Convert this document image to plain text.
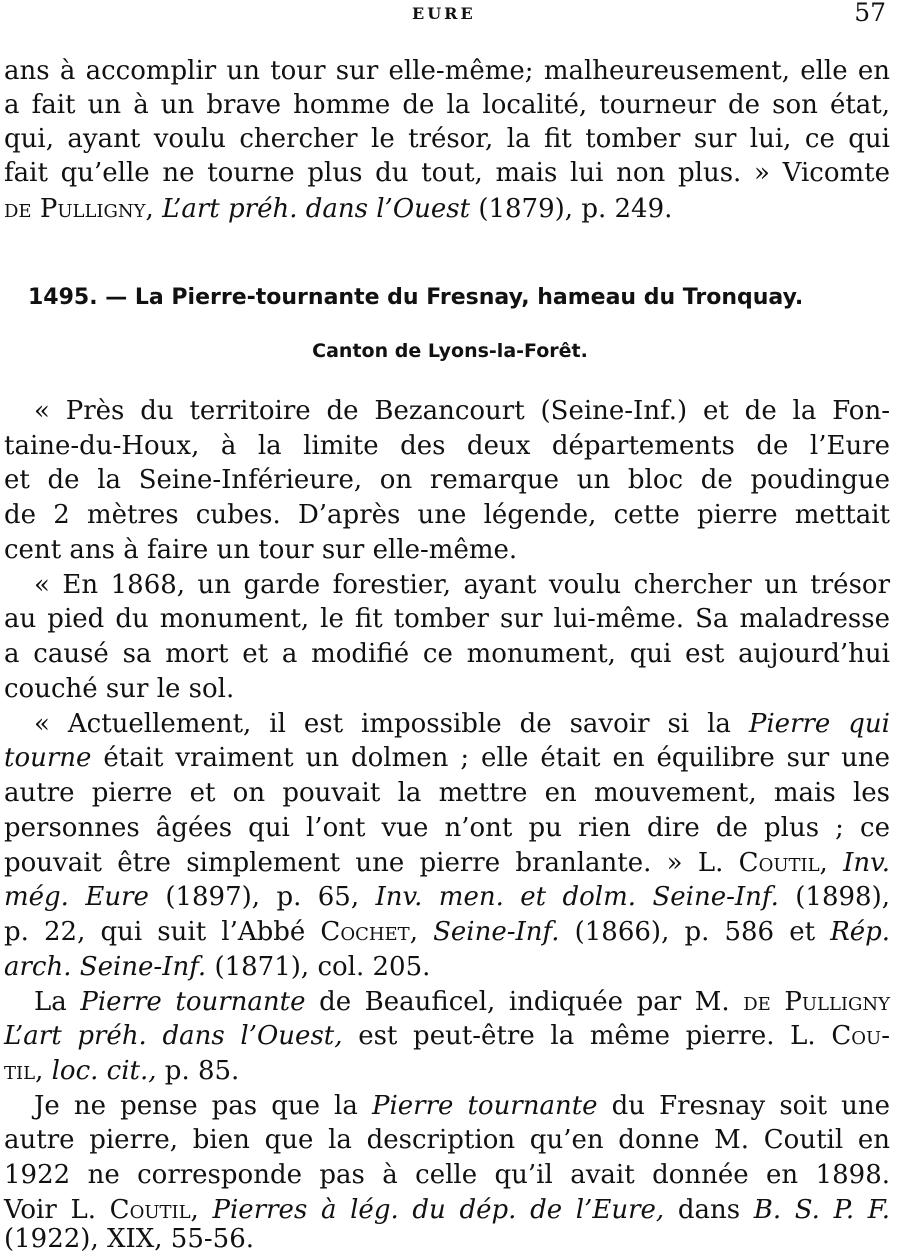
EURE	57
ans à accomplir un tour sur elle-même; malheureusement, elle en
a fait un à un brave homme de la localité, tourneur de son état,
qui, ayant voulu chercher le trésor, la fit tomber sur lui, ce qui
fait qu’elle ne tourne plus du tout, mais lui non plus. » Vicomte
de Pulligny, L’art préh. dans l’Ouest (1879), p. 249.
1495. — La Pierre-tournante du Fresnay, hameau du Tronquay.
Canton de Lyons-la-Forêt.
« Près du territoire de Bezancourt (Seine-Inf.) et de la Fon-
taine-du-Houx, à la limite des deux départements de l’Eure
et de la Seine-Inférieure, on remarque un bloc de poudingue
de 2 mètres cubes. D’après une légende, cette pierre mettait
cent ans à faire un tour sur elle-même.
« En 1868, un garde forestier, ayant voulu chercher un trésor
au pied du monument, le fit tomber sur lui-même. Sa maladresse
a causé sa mort et a modifié ce monument, qui est aujourd’hui
couché sur le sol.
« Actuellement, il est impossible de savoir si la Pierre qui
tourne était vraiment un dolmen ; elle était en équilibre sur une
autre pierre et on pouvait la mettre en mouvement, mais les
personnes âgées qui l’ont vue n’ont pu rien dire de plus ; ce
pouvait être simplement une pierre branlante. » L. Coutil, Inv.
még. Eure (1897), p. 65, Inv. men. et dolm. Seine-Inf. (1898),
p. 22, qui suit l’Abbé Cochet, Seine-Inf. (1866), p. 586 et Rép.
arch. Seine-Inf. (1871), col. 205.
La Pierre tournante de Beauficel, indiquée par M. de Pulligny
L’art préh. dans l’Ouest, est peut-être la même pierre. L. Cou-
til, loc. cit., p. 85.
Je ne pense pas que la Pierre tournante du Fresnay soit une
autre pierre, bien que la description qu’en donne M. Coutil en
1922 ne corresponde pas à celle qu’il avait donnée en 1898.
Voir L. Coutil, Pierres à lég. du dép. de l’Eure, dans B. S. P. F.
(1922), XIX, 55-56.
